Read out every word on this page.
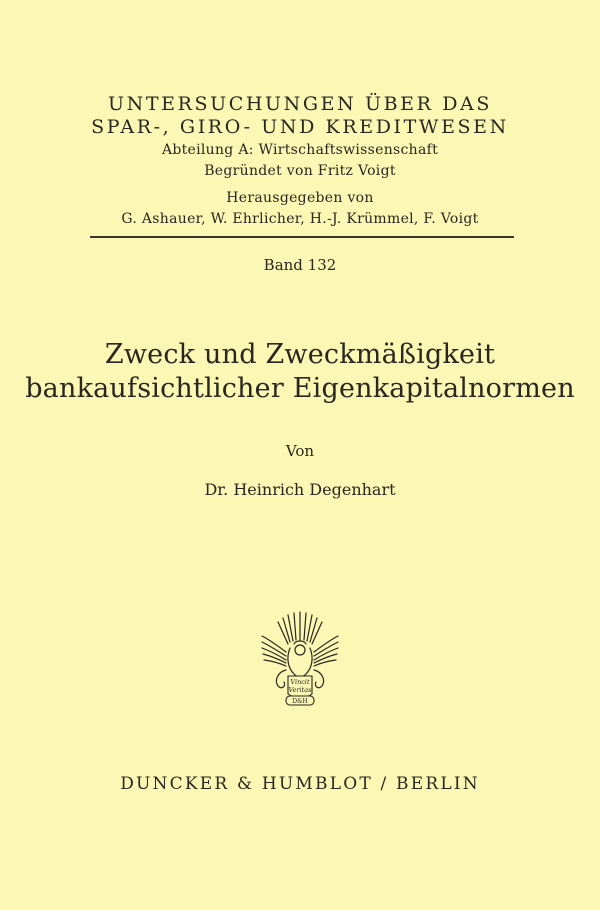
UNTERSUCHUNGEN ÜBER DAS
SPAR-, GIRO- UND KREDITWESEN
Abteilung A: Wirtschaftswissenschaft
Begründet von Fritz Voigt
Herausgegeben von
G. Ashauer, W. Ehrlicher, H.-J. Krümmel, F. Voigt
Band 132
Zweck und Zweckmäßigkeit
bankaufsichtlicher Eigenkapitalnormen
Von
Dr. Heinrich Degenhart
Vincit
Veritas
D&H
DUNCKER & HUMBLOT / BERLIN
